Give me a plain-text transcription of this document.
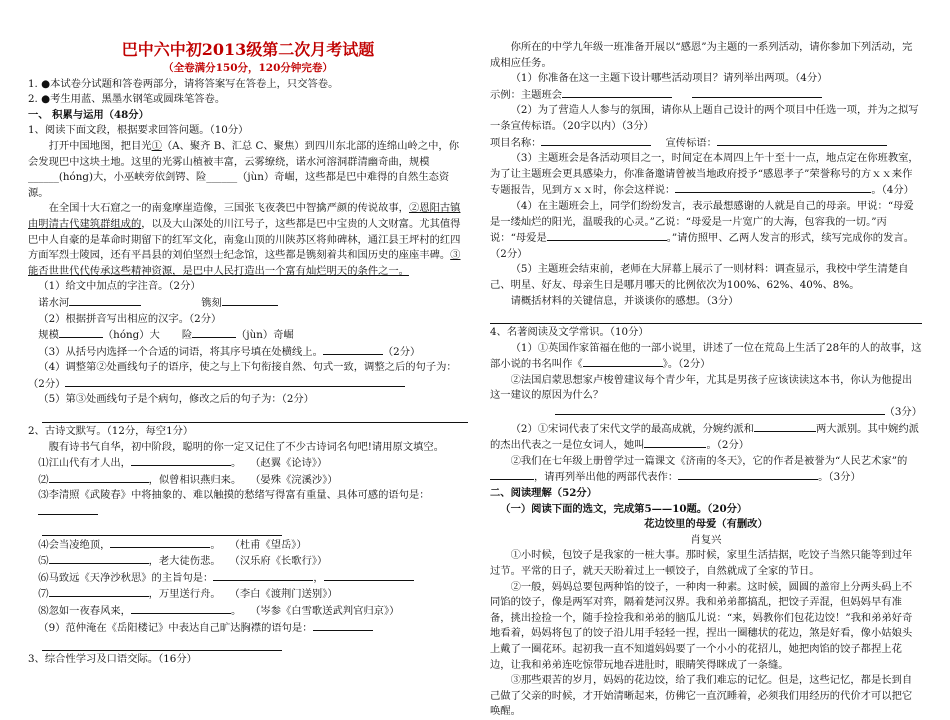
巴中六中初2013级第二次月考试题
（全卷满分150分，120分钟完卷）

1. ●本试卷分试题和答卷两部分，请将答案写在答卷上，只交答卷。

2. ●考生用蓝、黑墨水钢笔或圆珠笔答卷。

一、 积累与运用（48分）

1、阅读下面文段，根据要求回答问题。（10分）

打开中国地图，把目光①（A、聚齐 B、汇总 C、聚焦）到四川东北部的连绵山岭之中，你会发现巴中这块土地。这里的光雾山植被丰富，云雾缭绕，诺水河溶洞群清幽奇曲，规模______(hóng)大，小巫峡旁依剑锷、险______（jùn）奇崛，这些都是巴中难得的自然生态资源。

在全国十大石窟之一的南龛摩崖造像，三国张飞夜袭巴中智擒严颜的传说故事，②恩阳古镇由明清古代建筑群组成的，以及大山深处的川江号子，这些都是巴中宝贵的人文财富。尤其值得巴中人自豪的是革命时期留下的红军文化，南龛山顶的川陕苏区将帅碑林，通江县王坪村的红四方面军烈士陵园，还有平昌县的刘伯坚烈士纪念馆，这些都是镌刻着共和国历史的座座丰碑。③能否世世代代传承这些精神资源，是巴中人民打造出一个富有灿烂明天的条件之一。

（1）给文中加点的字注音。（2分）

诺水河	镌刻

（2）根据拼音写出相应的汉字。（2分）

规模	（hóng）大 险	（jùn）奇崛

（3）从括号内选择一个合适的词语，将其序号填在处横线上。	（2分）

（4）调整第②处画线句子的语序，使之与上下句衔接自然、句式一致，调整之后的句子为：

（2分）

（5）第③处画线句子是个病句，修改之后的句子为：（2分）

2、古诗文默写。（12分，每空1分）

腹有诗书气自华，初中阶段，聪明的你一定又记住了不少古诗词名句吧!请用原文填空。

⑴江山代有才人出，	。 （赵翼《论诗》）

⑵	，似曾相识燕归来。 （晏殊《浣溪沙》）

⑶李清照《武陵春》中将抽象的、难以触摸的愁绪写得富有重量、具体可感的语句是：

⑷会当凌绝顶，	。 （杜甫《望岳》）

⑸	，老大徒伤悲。 （汉乐府《长歌行》）

⑹马致远《天净沙秋思》的主旨句是：	，

⑺	，万里送行舟。 （李白《渡荆门送别》）

⑻忽如一夜春风来，	。 （岑参《白雪歌送武判官归京》）

（9）范仲淹在《岳阳楼记》中表达自己旷达胸襟的语句是：

3、综合性学习及口语交际。（16分）

你所在的中学九年级一班准备开展以“感恩”为主题的一系列活动，请你参加下列活动，完成相应任务。

（1）你准备在这一主题下设计哪些活动项目？请列举出两项。（4分）

示例：主题班会

（2）为了营造人人参与的氛围，请你从上题自己设计的两个项目中任选一项，并为之拟写一条宣传标语。（20字以内）（3分）

项目名称：	宣传标语：

（3）主题班会是各活动项目之一，时间定在本周四上午十至十一点，地点定在你班教室，为了让主题班会更具感染力，你准备邀请曾被当地政府授予“感恩孝子”荣誉称号的方ｘｘ来作专题报告，见到方ｘｘ时，你会这样说：	。（4分）

（4）在主题班会上，同学们纷纷发言，表示最想感谢的人就是自己的母亲。甲说：“母爱是一缕灿烂的阳光，温暖我的心灵。”乙说：“母爱是一片宽广的大海，包容我的一切。”丙说：“母爱是	。”请仿照甲、乙两人发言的形式，续写完成你的发言。（2分）

（5）主题班会结束前，老师在大屏幕上展示了一则材料：调查显示，我校中学生清楚自己、明星、好友、母亲生日是哪月哪天的比例依次为100%、62%、40%、8%。

请概括材料的关键信息，并谈谈你的感想。（3分）

4、名著阅读及文学常识。（10分）

（1）①英国作家笛福在他的一部小说里，讲述了一位在荒岛上生活了28年的人的故事，这部小说的书名叫作《	》。（2分）

②法国启蒙思想家卢梭曾建议每个青少年，尤其是男孩子应该读读这本书，你认为他提出这一建议的原因为什么？

（3分）

（2）①宋词代表了宋代文学的最高成就，分婉约派和	两大派别。其中婉约派的杰出代表之一是位女词人，她叫	。（2分）

②我们在七年级上册曾学过一篇课文《济南的冬天》，它的作者是被誉为“人民艺术家”的，请再列举出他的两部代表作：	。（3分）

二、阅读理解（52分）

（一）阅读下面的选文，完成第5——10题。（20分）

花边饺里的母爱（有删改）

肖复兴

①小时候，包饺子是我家的一桩大事。那时候，家里生活拮据，吃饺子当然只能等到过年过节。平常的日子，就天天盼着过上一顿饺子，自然就成了全家的节日。

②一般，妈妈总要包两种馅的饺子，一种肉一种素。这时候，圆圆的盖帘上分两头码上不同馅的饺子，像是两军对弈，隔着楚河汉界。我和弟弟都搞乱，把饺子弄混，但妈妈早有准备，挑出捡捡一个，随手捡捡我和弟弟的脑瓜儿说：“来，妈教你们包花边饺！”我和弟弟好奇地看着，妈妈将包了的饺子沿儿用手轻轻一捏，捏出一圈穗状的花边，煞是好看，像小姑娘头上戴了一圈花环。起初我一直不知道妈妈要了一个小小的花招儿，她把肉馅的饺子都捏上花边，让我和弟弟连吃惊带玩地吞进肚时，眼睛笑得眯成了一条缝。

③那些艰苦的岁月，妈妈的花边饺，给了我们难忘的记忆。但是，这些记忆，都是长到自己做了父亲的时候，才开始清晰起来，仿佛它一直沉睡着，必须我们用经历的代价才可以把它唤醒。
